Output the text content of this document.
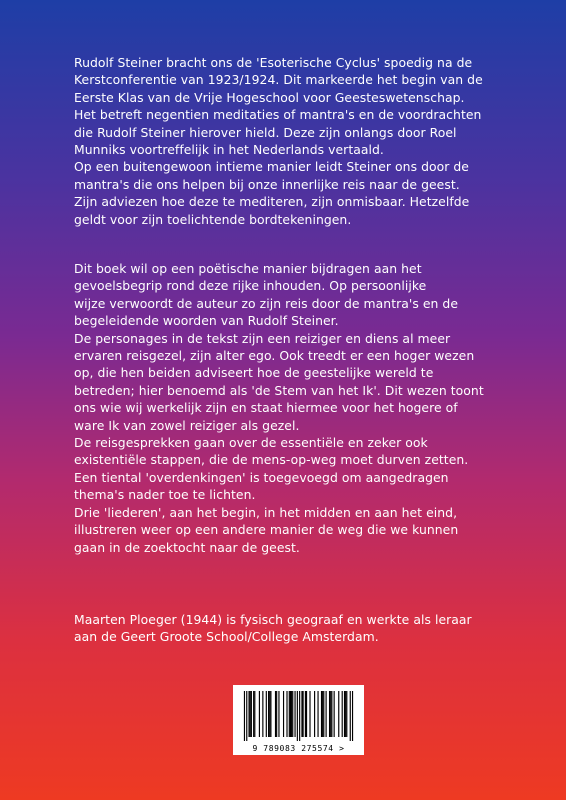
Rudolf Steiner bracht ons de 'Esoterische Cyclus' spoedig na de

Kerstconferentie van 1923/1924. Dit markeerde het begin van de

Eerste Klas van de Vrije Hogeschool voor Geesteswetenschap.

Het betreft negentien meditaties of mantra's en de voordrachten

die Rudolf Steiner hierover hield. Deze zijn onlangs door Roel

Munniks voortreffelijk in het Nederlands vertaald.

Op een buitengewoon intieme manier leidt Steiner ons door de

mantra's die ons helpen bij onze innerlijke reis naar de geest.

Zijn adviezen hoe deze te mediteren, zijn onmisbaar. Hetzelfde

geldt voor zijn toelichtende bordtekeningen.

Dit boek wil op een poëtische manier bijdragen aan het

gevoelsbegrip rond deze rijke inhouden. Op persoonlijke

wijze verwoordt de auteur zo zijn reis door de mantra's en de

begeleidende woorden van Rudolf Steiner.

De personages in de tekst zijn een reiziger en diens al meer

ervaren reisgezel, zijn alter ego. Ook treedt er een hoger wezen

op, die hen beiden adviseert hoe de geestelijke wereld te

betreden; hier benoemd als 'de Stem van het Ik'. Dit wezen toont

ons wie wij werkelijk zijn en staat hiermee voor het hogere of

ware Ik van zowel reiziger als gezel.

De reisgesprekken gaan over de essentiële en zeker ook

existentiële stappen, die de mens-op-weg moet durven zetten.

Een tiental 'overdenkingen' is toegevoegd om aangedragen

thema's nader toe te lichten.

Drie 'liederen', aan het begin, in het midden en aan het eind,

illustreren weer op een andere manier de weg die we kunnen

gaan in de zoektocht naar de geest.

Maarten Ploeger (1944) is fysisch geograaf en werkte als leraar

aan de Geert Groote School/College Amsterdam.

9 789083 275574 >
